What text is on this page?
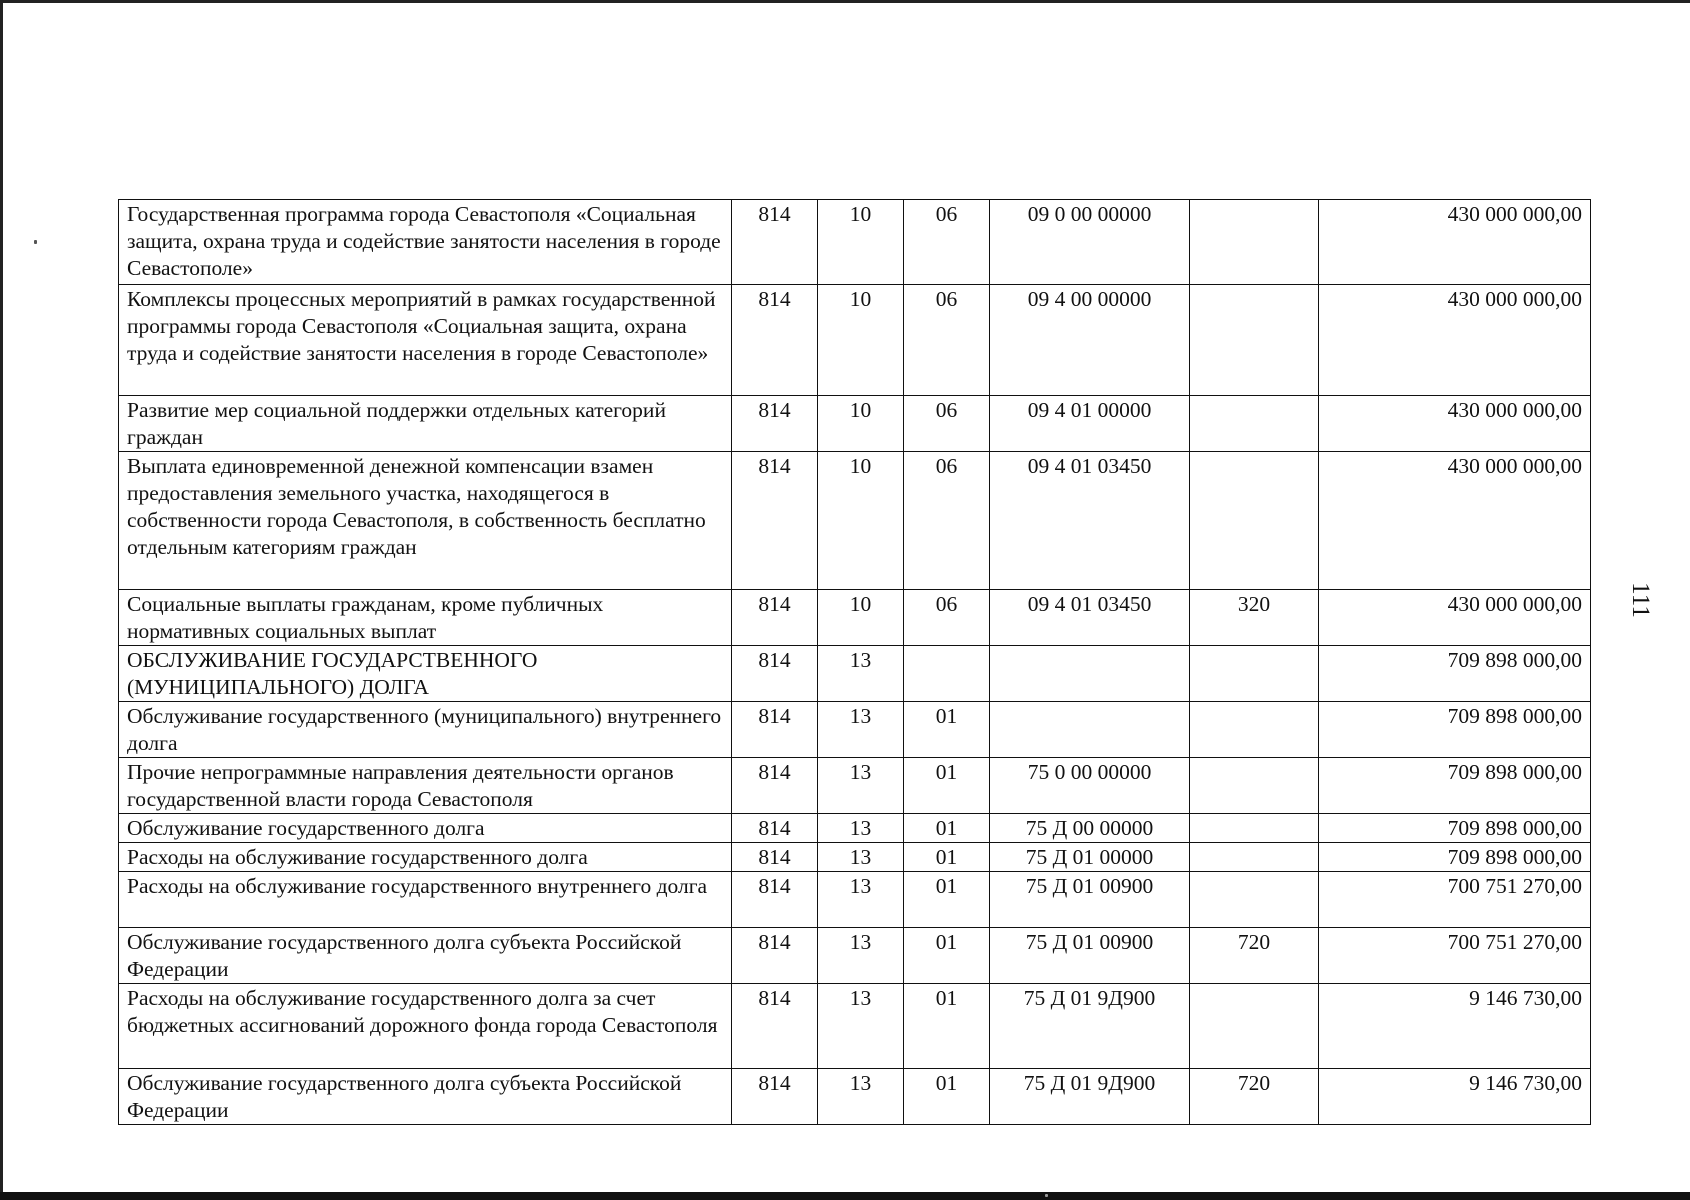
111
Государственная программа города Севастополя «Социальная защита, охрана труда и содействие занятости населения в городе Севастополе»	814	10	06	09 0 00 00000		430 000 000,00
Комплексы процессных мероприятий в рамках государственной программы города Севастополя «Социальная защита, охрана труда и содействие занятости населения в городе Севастополе»	814	10	06	09 4 00 00000		430 000 000,00
Развитие мер социальной поддержки отдельных категорий граждан	814	10	06	09 4 01 00000		430 000 000,00
Выплата единовременной денежной компенсации взамен предоставления земельного участка, находящегося в собственности города Севастополя, в собственность бесплатно отдельным категориям граждан	814	10	06	09 4 01 03450		430 000 000,00
Социальные выплаты гражданам, кроме публичных нормативных социальных выплат	814	10	06	09 4 01 03450	320	430 000 000,00
ОБСЛУЖИВАНИЕ ГОСУДАРСТВЕННОГО (МУНИЦИПАЛЬНОГО) ДОЛГА	814	13				709 898 000,00
Обслуживание государственного (муниципального) внутреннего долга	814	13	01			709 898 000,00
Прочие непрограммные направления деятельности органов государственной власти города Севастополя	814	13	01	75 0 00 00000		709 898 000,00
Обслуживание государственного долга	814	13	01	75 Д 00 00000		709 898 000,00
Расходы на обслуживание государственного долга	814	13	01	75 Д 01 00000		709 898 000,00
Расходы на обслуживание государственного внутреннего долга	814	13	01	75 Д 01 00900		700 751 270,00
Обслуживание государственного долга субъекта Российской Федерации	814	13	01	75 Д 01 00900	720	700 751 270,00
Расходы на обслуживание государственного долга за счет бюджетных ассигнований дорожного фонда города Севастополя	814	13	01	75 Д 01 9Д900		9 146 730,00
Обслуживание государственного долга субъекта Российской Федерации	814	13	01	75 Д 01 9Д900	720	9 146 730,00
